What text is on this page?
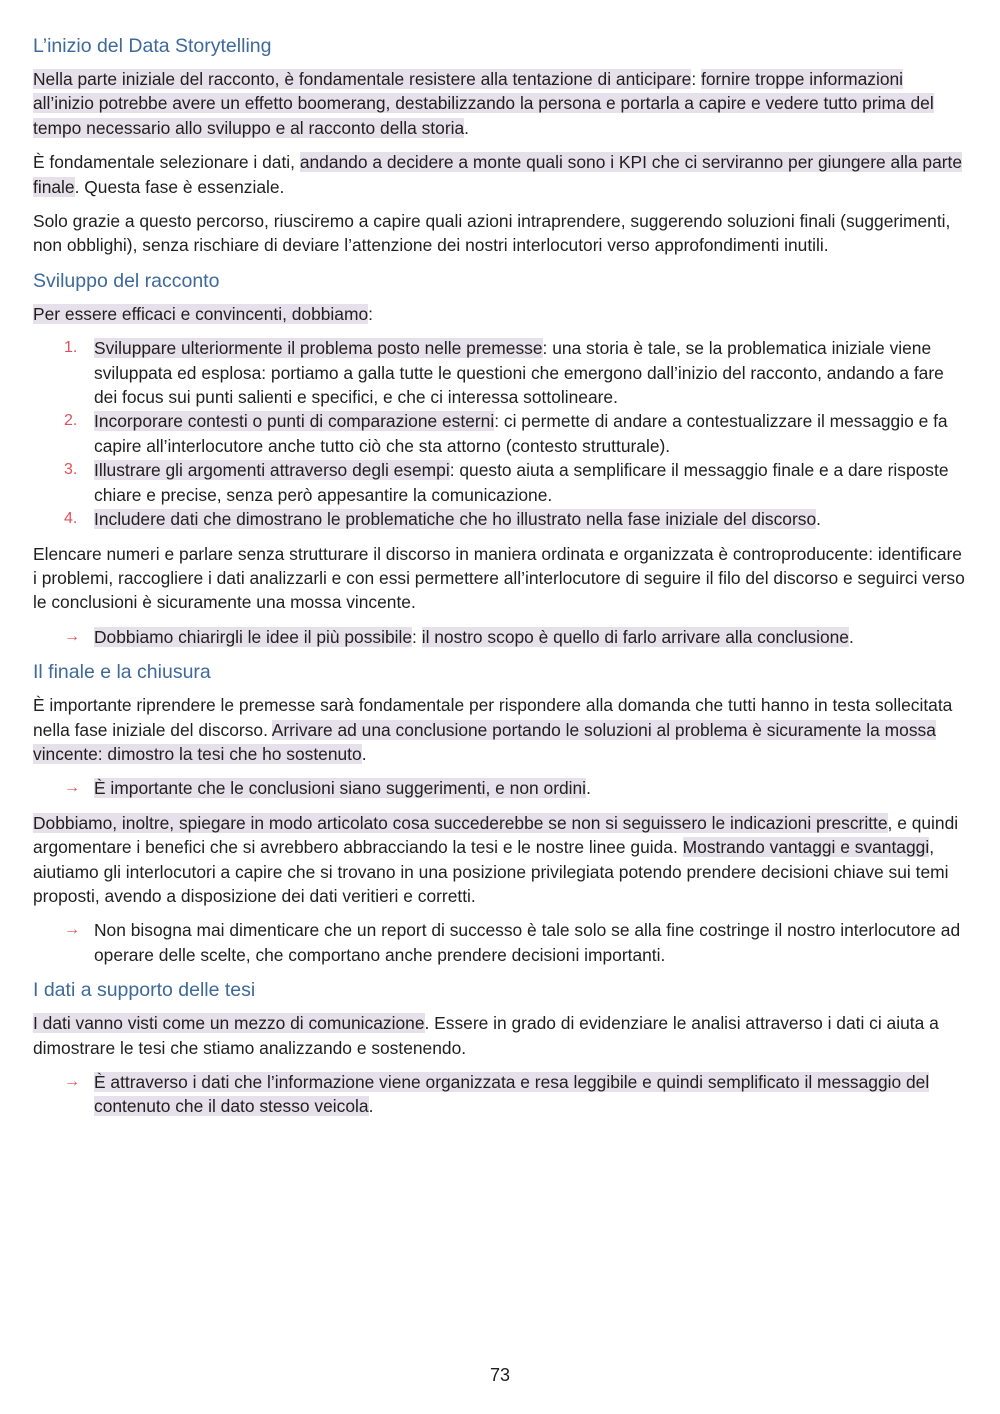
L’inizio del Data Storytelling

Nella parte iniziale del racconto, è fondamentale resistere alla tentazione di anticipare: fornire troppe informazioni all’inizio potrebbe avere un effetto boomerang, destabilizzando la persona e portarla a capire e vedere tutto prima del tempo necessario allo sviluppo e al racconto della storia.

È fondamentale selezionare i dati, andando a decidere a monte quali sono i KPI che ci serviranno per giungere alla parte finale. Questa fase è essenziale.

Solo grazie a questo percorso, riusciremo a capire quali azioni intraprendere, suggerendo soluzioni finali (suggerimenti, non obblighi), senza rischiare di deviare l’attenzione dei nostri interlocutori verso approfondimenti inutili.

Sviluppo del racconto

Per essere efficaci e convincenti, dobbiamo:

1. Sviluppare ulteriormente il problema posto nelle premesse: una storia è tale, se la problematica iniziale viene sviluppata ed esplosa: portiamo a galla tutte le questioni che emergono dall’inizio del racconto, andando a fare dei focus sui punti salienti e specifici, e che ci interessa sottolineare.
2. Incorporare contesti o punti di comparazione esterni: ci permette di andare a contestualizzare il messaggio e fa capire all’interlocutore anche tutto ciò che sta attorno (contesto strutturale).
3. Illustrare gli argomenti attraverso degli esempi: questo aiuta a semplificare il messaggio finale e a dare risposte chiare e precise, senza però appesantire la comunicazione.
4. Includere dati che dimostrano le problematiche che ho illustrato nella fase iniziale del discorso.

Elencare numeri e parlare senza strutturare il discorso in maniera ordinata e organizzata è controproducente: identificare i problemi, raccogliere i dati analizzarli e con essi permettere all’interlocutore di seguire il filo del discorso e seguirci verso le conclusioni è sicuramente una mossa vincente.

→ Dobbiamo chiarirgli le idee il più possibile: il nostro scopo è quello di farlo arrivare alla conclusione.
Il finale e la chiusura

È importante riprendere le premesse sarà fondamentale per rispondere alla domanda che tutti hanno in testa sollecitata nella fase iniziale del discorso. Arrivare ad una conclusione portando le soluzioni al problema è sicuramente la mossa vincente: dimostro la tesi che ho sostenuto.

→ È importante che le conclusioni siano suggerimenti, e non ordini.

Dobbiamo, inoltre, spiegare in modo articolato cosa succederebbe se non si seguissero le indicazioni prescritte, e quindi argomentare i benefici che si avrebbero abbracciando la tesi e le nostre linee guida. Mostrando vantaggi e svantaggi, aiutiamo gli interlocutori a capire che si trovano in una posizione privilegiata potendo prendere decisioni chiave sui temi proposti, avendo a disposizione dei dati veritieri e corretti.

→ Non bisogna mai dimenticare che un report di successo è tale solo se alla fine costringe il nostro interlocutore ad operare delle scelte, che comportano anche prendere decisioni importanti.
I dati a supporto delle tesi

I dati vanno visti come un mezzo di comunicazione. Essere in grado di evidenziare le analisi attraverso i dati ci aiuta a dimostrare le tesi che stiamo analizzando e sostenendo.

→ È attraverso i dati che l’informazione viene organizzata e resa leggibile e quindi semplificato il messaggio del contenuto che il dato stesso veicola.
73
